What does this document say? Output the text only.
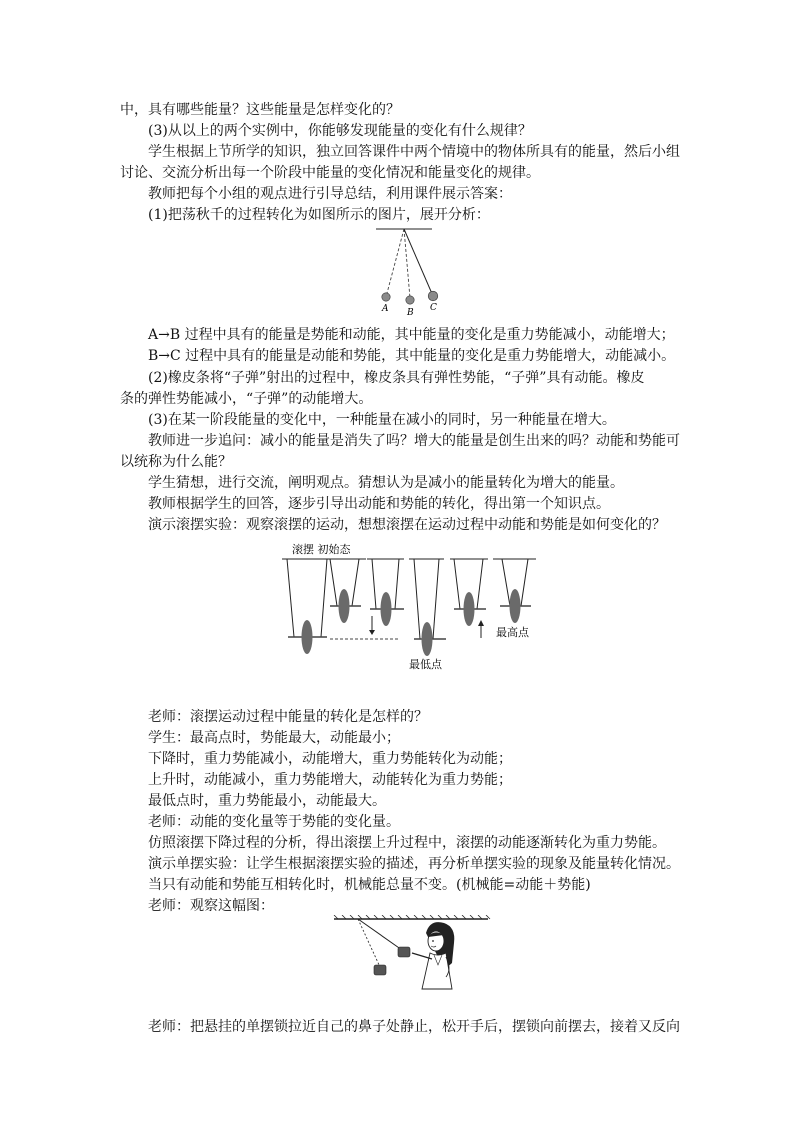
中，具有哪些能量？这些能量是怎样变化的？
(3)从以上的两个实例中，你能够发现能量的变化有什么规律？
学生根据上节所学的知识，独立回答课件中两个情境中的物体所具有的能量，然后小组
讨论、交流分析出每一个阶段中能量的变化情况和能量变化的规律。
教师把每个小组的观点进行引导总结，利用课件展示答案：
(1)把荡秋千的过程转化为如图所示的图片，展开分析：
A B C
A→B 过程中具有的能量是势能和动能，其中能量的变化是重力势能减小，动能增大；
B→C 过程中具有的能量是动能和势能，其中能量的变化是重力势能增大，动能减小。
(2)橡皮条将“子弹”射出的过程中，橡皮条具有弹性势能，“子弹”具有动能。橡皮
条的弹性势能减小，“子弹”的动能增大。
(3)在某一阶段能量的变化中，一种能量在减小的同时，另一种能量在增大。
教师进一步追问：减小的能量是消失了吗？增大的能量是创生出来的吗？动能和势能可
以统称为什么能？
学生猜想，进行交流，阐明观点。猜想认为是减小的能量转化为增大的能量。
教师根据学生的回答，逐步引导出动能和势能的转化，得出第一个知识点。
演示滚摆实验：观察滚摆的运动，想想滚摆在运动过程中动能和势能是如何变化的？
滚摆 初始态
最高点
最低点
老师：滚摆运动过程中能量的转化是怎样的？
学生：最高点时，势能最大，动能最小；
下降时，重力势能减小，动能增大，重力势能转化为动能；
上升时，动能减小，重力势能增大，动能转化为重力势能；
最低点时，重力势能最小，动能最大。
老师：动能的变化量等于势能的变化量。
仿照滚摆下降过程的分析，得出滚摆上升过程中，滚摆的动能逐渐转化为重力势能。
演示单摆实验：让学生根据滚摆实验的描述，再分析单摆实验的现象及能量转化情况。
当只有动能和势能互相转化时，机械能总量不变。(机械能=动能＋势能)
老师：观察这幅图：
老师：把悬挂的单摆锁拉近自己的鼻子处静止，松开手后，摆锁向前摆去，接着又反向
